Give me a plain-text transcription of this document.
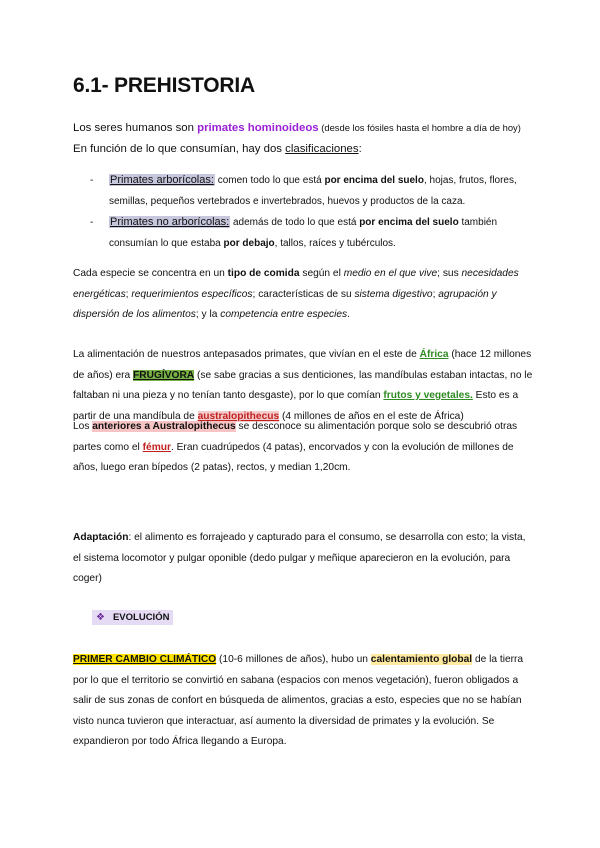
6.1- PREHISTORIA

Los seres humanos son primates hominoideos (desde los fósiles hasta el hombre a día de hoy)

En función de lo que consumían, hay dos clasificaciones:

- Primates arborícolas: comen todo lo que está por encima del suelo, hojas, frutos, flores, semillas, pequeños vertebrados e invertebrados, huevos y productos de la caza.
- Primates no arborícolas: además de todo lo que está por encima del suelo también consumían lo que estaba por debajo, tallos, raíces y tubérculos.

Cada especie se concentra en un tipo de comida según el medio en el que vive; sus necesidades energéticas; requerimientos específicos; características de su sistema digestivo; agrupación y dispersión de los alimentos; y la competencia entre especies.

La alimentación de nuestros antepasados primates, que vivían en el este de África (hace 12 millones de años) era FRUGÍVORA (se sabe gracias a sus denticiones, las mandíbulas estaban intactas, no le faltaban ni una pieza y no tenían tanto desgaste), por lo que comían frutos y vegetales. Esto es a partir de una mandíbula de australopithecus (4 millones de años en el este de África)

Los anteriores a Australopithecus se desconoce su alimentación porque solo se descubrió otras partes como el fémur. Eran cuadrúpedos (4 patas), encorvados y con la evolución de millones de años, luego eran bípedos (2 patas), rectos, y median 1,20cm.

Adaptación: el alimento es forrajeado y capturado para el consumo, se desarrolla con esto; la vista, el sistema locomotor y pulgar oponible (dedo pulgar y meñique aparecieron en la evolución, para coger)

❖ EVOLUCIÓN

PRIMER CAMBIO CLIMÁTICO (10-6 millones de años), hubo un calentamiento global de la tierra por lo que el territorio se convirtió en sabana (espacios con menos vegetación), fueron obligados a salir de sus zonas de confort en búsqueda de alimentos, gracias a esto, especies que no se habían visto nunca tuvieron que interactuar, así aumento la diversidad de primates y la evolución. Se expandieron por todo África llegando a Europa.
